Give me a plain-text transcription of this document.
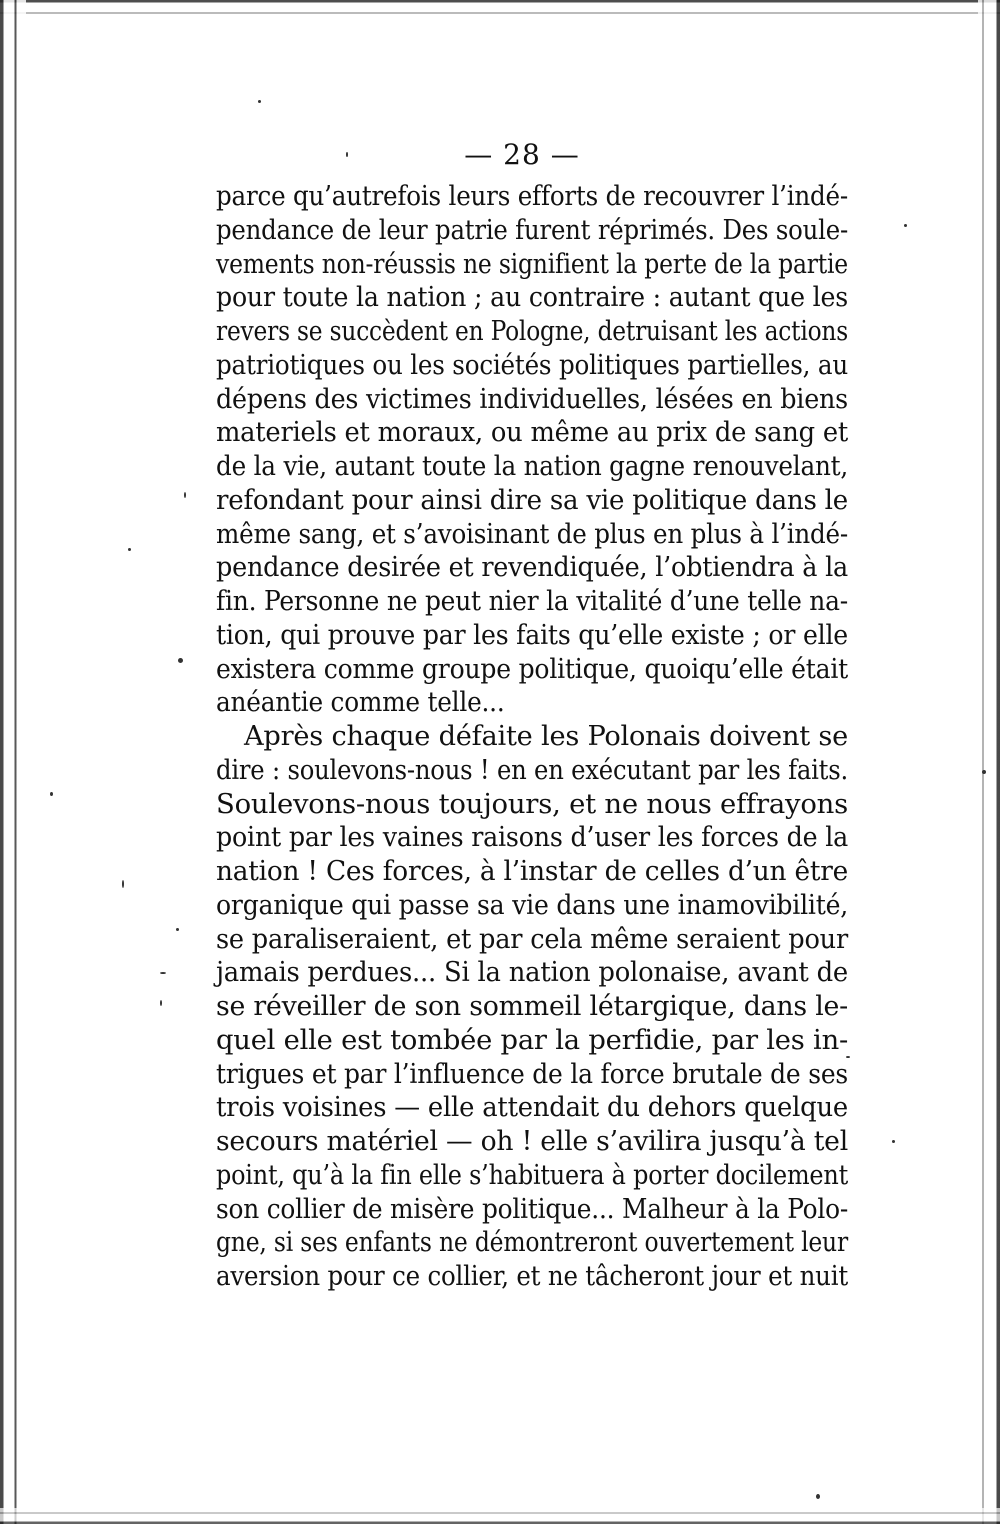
— 28 —
parce qu’autrefois leurs efforts de recouvrer l’indé-
pendance de leur patrie furent réprimés. Des soule-
vements non-réussis ne signifient la perte de la partie
pour toute la nation ; au contraire : autant que les
revers se succèdent en Pologne, detruisant les actions
patriotiques ou les sociétés politiques partielles, au
dépens des victimes individuelles, lésées en biens
materiels et moraux, ou même au prix de sang et
de la vie, autant toute la nation gagne renouvelant,
refondant pour ainsi dire sa vie politique dans le
même sang, et s’avoisinant de plus en plus à l’indé-
pendance desirée et revendiquée, l’obtiendra à la
fin. Personne ne peut nier la vitalité d’une telle na-
tion, qui prouve par les faits qu’elle existe ; or elle
existera comme groupe politique, quoiqu’elle était
anéantie comme telle...
Après chaque défaite les Polonais doivent se
dire : soulevons-nous ! en en exécutant par les faits.
Soulevons-nous toujours, et ne nous effrayons
point par les vaines raisons d’user les forces de la
nation ! Ces forces, à l’instar de celles d’un être
organique qui passe sa vie dans une inamovibilité,
se paraliseraient, et par cela même seraient pour
jamais perdues... Si la nation polonaise, avant de
se réveiller de son sommeil létargique, dans le-
quel elle est tombée par la perfidie, par les in-
trigues et par l’influence de la force brutale de ses
trois voisines — elle attendait du dehors quelque
secours matériel — oh ! elle s’avilira jusqu’à tel
point, qu’à la fin elle s’habituera à porter docilement
son collier de misère politique... Malheur à la Polo-
gne, si ses enfants ne démontreront ouvertement leur
aversion pour ce collier, et ne tâcheront jour et nuit
